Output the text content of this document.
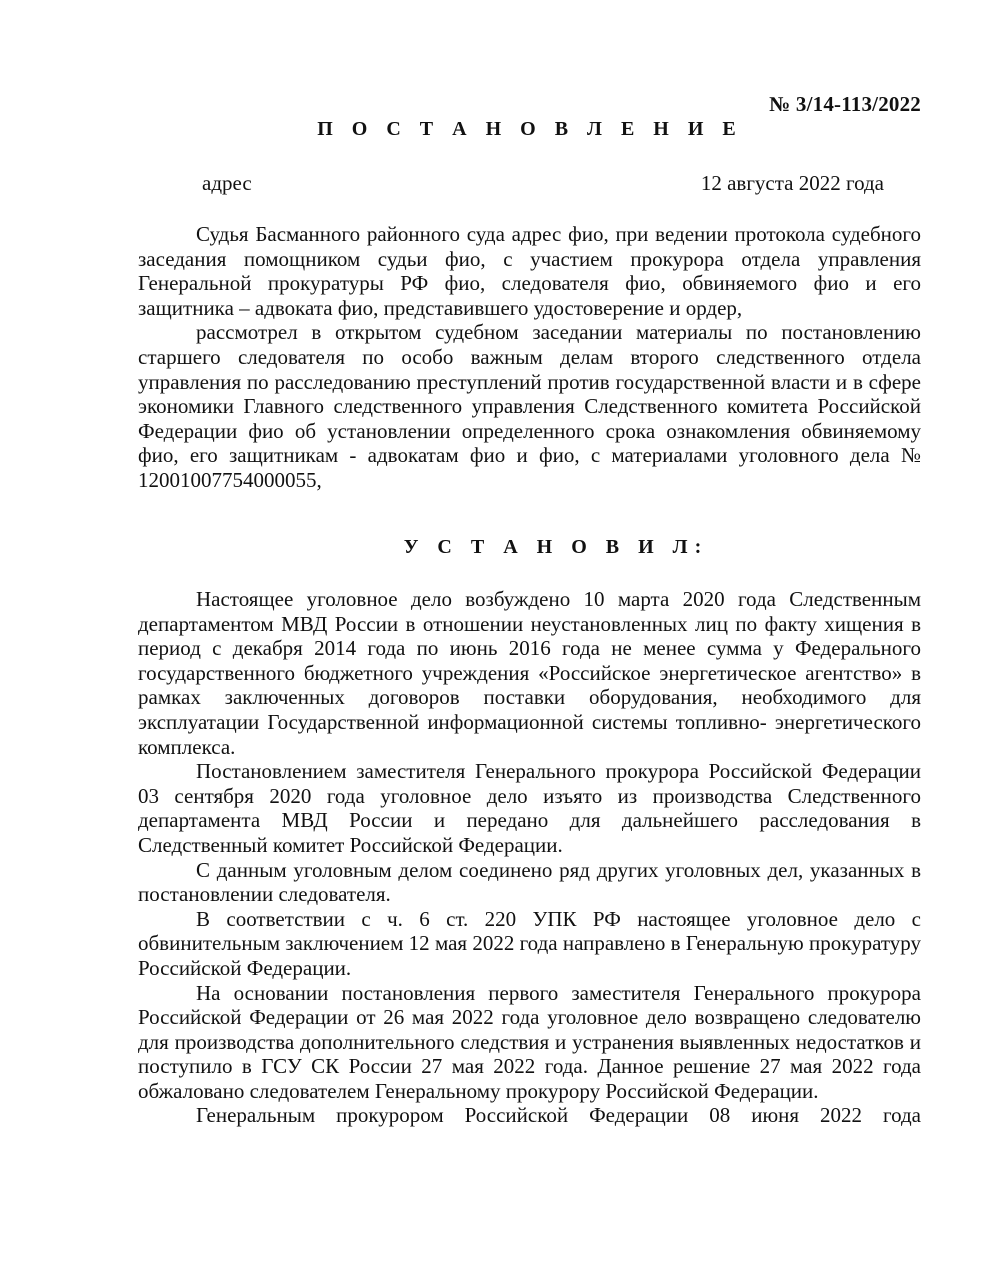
№ 3/14-113/2022
П О С Т А Н О В Л Е Н И Е
адрес	12 августа 2022 года

Судья Басманного районного суда адрес фио, при ведении протокола судебного заседания помощником судьи фио, с участием прокурора отдела управления Генеральной прокуратуры РФ фио, следователя фио, обвиняемого фио и его защитника – адвоката фио, представившего удостоверение и ордер,

рассмотрел в открытом судебном заседании материалы по постановлению старшего следователя по особо важным делам второго следственного отдела управления по расследованию преступлений против государственной власти и в сфере экономики Главного следственного управления Следственного комитета Российской Федерации фио об установлении определенного срока ознакомления обвиняемому фио, его защитникам - адвокатам фио и фио, с материалами уголовного дела № 12001007754000055,

У С Т А Н О В И Л:

Настоящее уголовное дело возбуждено 10 марта 2020 года Следственным департаментом МВД России в отношении неустановленных лиц по факту хищения в период с декабря 2014 года по июнь 2016 года не менее сумма у Федерального государственного бюджетного учреждения «Российское энергетическое агентство» в рамках заключенных договоров поставки оборудования, необходимого для эксплуатации Государственной информационной системы топливно- энергетического комплекса.

Постановлением заместителя Генерального прокурора Российской Федерации 03 сентября 2020 года уголовное дело изъято из производства Следственного департамента МВД России и передано для дальнейшего расследования в Следственный комитет Российской Федерации.

С данным уголовным делом соединено ряд других уголовных дел, указанных в постановлении следователя.

В соответствии с ч. 6 ст. 220 УПК РФ настоящее уголовное дело с обвинительным заключением 12 мая 2022 года направлено в Генеральную прокуратуру Российской Федерации.

На основании постановления первого заместителя Генерального прокурора Российской Федерации от 26 мая 2022 года уголовное дело возвращено следователю для производства дополнительного следствия и устранения выявленных недостатков и поступило в ГСУ СК России 27 мая 2022 года. Данное решение 27 мая 2022 года обжаловано следователем Генеральному прокурору Российской Федерации.

Генеральным прокурором Российской Федерации 08 июня 2022 года
